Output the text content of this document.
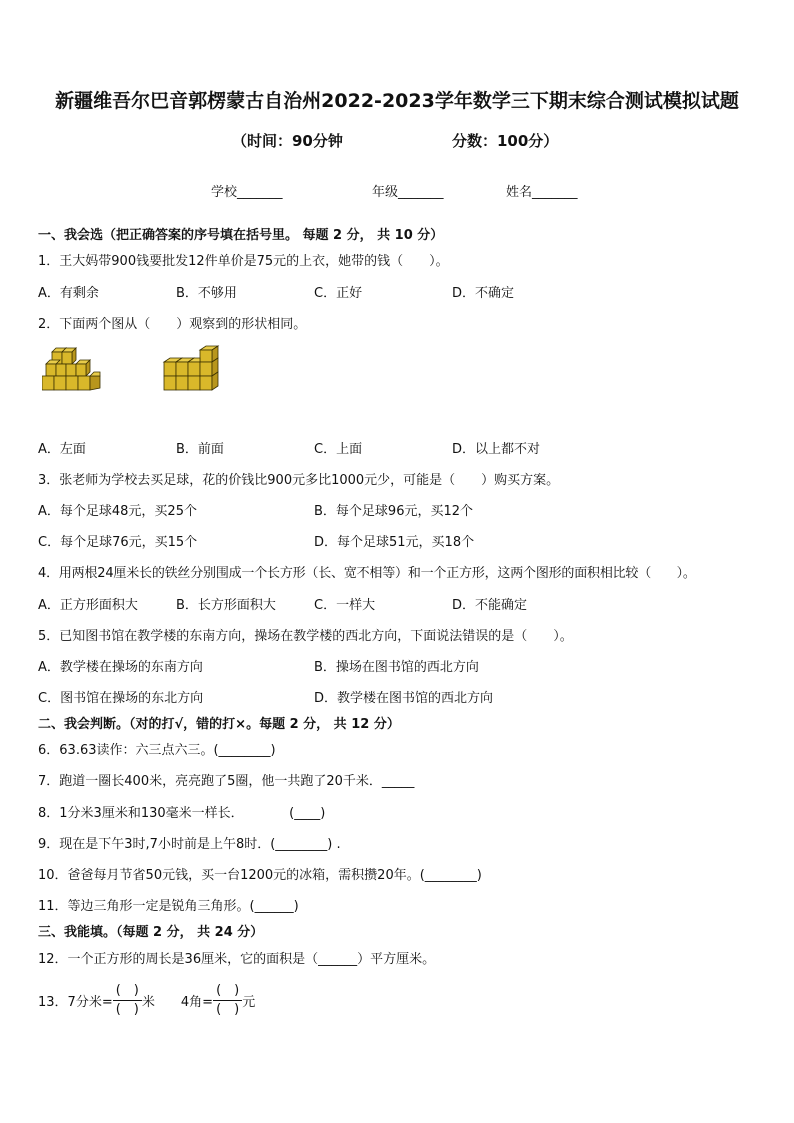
新疆维吾尔巴音郭楞蒙古自治州2022-2023学年数学三下期末综合测试模拟试题
（时间：90分钟	分数：100分）
学校_______	年级_______	姓名_______
一、我会选（把正确答案的序号填在括号里。 每题 2 分， 共 10 分）
1．王大妈带900钱要批发12件单价是75元的上衣，她带的钱（　　）。
A．有剩余	B．不够用	C．正好	D．不确定
2．下面两个图从（　　）观察到的形状相同。
A．左面	B．前面	C．上面	D．以上都不对
3．张老师为学校去买足球，花的价钱比900元多比1000元少，可能是（　　）购买方案。
A．每个足球48元，买25个	B．每个足球96元，买12个
C．每个足球76元，买15个	D．每个足球51元，买18个
4．用两根24厘米长的铁丝分别围成一个长方形（长、宽不相等）和一个正方形，这两个图形的面积相比较（　　）。
A．正方形面积大	B．长方形面积大	C．一样大	D．不能确定
5．已知图书馆在教学楼的东南方向，操场在教学楼的西北方向，下面说法错误的是（　　）。
A．教学楼在操场的东南方向	B．操场在图书馆的西北方向
C．图书馆在操场的东北方向	D．教学楼在图书馆的西北方向
二、我会判断。（对的打√，错的打×。每题 2 分， 共 12 分）
6．63.63读作：六三点六三。(________)
7．跑道一圈长400米，亮亮跑了5圈，他一共跑了20千米．_____
8．1分米3厘米和130毫米一样长．　　　　(____)
9．现在是下午3时,7小时前是上午8时．(________) .
10．爸爸每月节省50元钱，买一台1200元的冰箱，需积攒20年。(________)
11．等边三角形一定是锐角三角形。(______)
三、我能填。（每题 2 分， 共 24 分）
12．一个正方形的周长是36厘米，它的面积是（______）平方厘米。
13．7分米= $\frac{( )}{( )}$ 米 4角= $\frac{( )}{( )}$ 元
